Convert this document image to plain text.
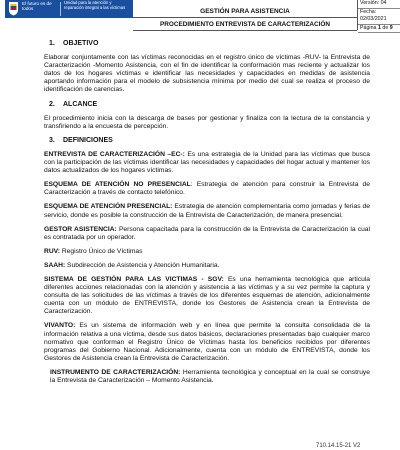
El futuro es de todos
Unidad para la atención y reparación integral a las víctimas
GESTIÓN PARA ASISTENCIA
PROCEDIMIENTO ENTREVISTA DE CARACTERIZACIÓN
Versión: 04
Fecha: 02/03/2021
Página 1 de 9
1. OBJETIVO

Elaborar conjuntamente con las víctimas reconocidas en el registro único de víctimas -RUV- la Entrevista de Caracterización -Momento Asistencia, con el fin de identificar la conformación mas reciente y actualizar los datos de los hogares víctimas e identificar las necesidades y capacidades en medidas de asistencia aportando información para el modelo de subsistencia mínima por medio del cual se realiza el proceso de identificación de carencias.

2. ALCANCE

El procedimiento inicia con la descarga de bases por gestionar y finaliza con la lectura de la constancia y transfiriendo a la encuesta de percepción.

3. DEFINICIONES

ENTREVISTA DE CARACTERIZACIÓN –EC-: Es una estrategia de la Unidad para las víctimas que busca con la participación de las víctimas identificar las necesidades y capacidades del hogar actual y mantener los datos actualizados de los hogares víctimas.

ESQUEMA DE ATENCIÓN NO PRESENCIAL: Estrategia de atención para construir la Entrevista de Caracterización a través de contacto telefónico.

ESQUEMA DE ATENCIÓN PRESENCIAL: Estrategia de atención complementaria como jornadas y ferias de servicio, donde es posible la construcción de la Entrevista de Caracterización, de manera presencial.

GESTOR ASISTENCIA: Persona capacitada para la construcción de la Entrevista de Caracterización la cual es contratada por un operador.

RUV: Registro Único de Víctimas

SAAH: Subdirección de Asistencia y Atención Humanitaria.

SISTEMA DE GESTIÓN PARA LAS VICTIMAS - SGV: Es una herramienta tecnológica que articula diferentes acciones relacionadas con la atención y asistencia a las víctimas y a su vez permite la captura y consulta de las solicitudes de las víctimas a través de los diferentes esquemas de atención, adicionalmente cuenta con un módulo de ENTREVISTA, donde los Gestores de Asistencia crean la Entrevista de Caracterización.

VIVANTO: Es un sistema de información web y en línea que permite la consulta consolidada de la información relativa a una víctima, desde sus datos básicos, declaraciones presentadas bajo cualquier marco normativo que conforman el Registro Único de Víctimas hasta los beneficios recibidos por diferentes programas del Gobierno Nacional. Adicionalmente, cuenta con un módulo de ENTREVISTA, donde los Gestores de Asistencia crean la Entrevista de Caracterización.

INSTRUMENTO DE CARACTERIZACIÓN: Herramienta tecnológica y conceptual en la cual se construye la Entrevista de Caracterización – Momento Asistencia.

710.14.15-21 V2
